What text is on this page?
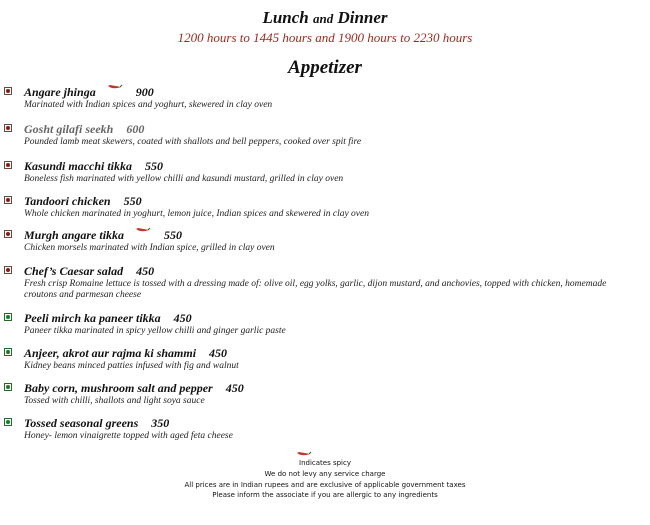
Lunch and Dinner
1200 hours to 1445 hours and 1900 hours to 2230 hours
Appetizer
Angare jhinga	900
Marinated with Indian spices and yoghurt, skewered in clay oven
Gosht gilafi seekh 600
Pounded lamb meat skewers, coated with shallots and bell peppers, cooked over spit fire
Kasundi macchi tikka 550
Boneless fish marinated with yellow chilli and kasundi mustard, grilled in clay oven
Tandoori chicken 550
Whole chicken marinated in yoghurt, lemon juice, Indian spices and skewered in clay oven
Murgh angare tikka	550
Chicken morsels marinated with Indian spice, grilled in clay oven
Chef’s Caesar salad 450
Fresh crisp Romaine lettuce is tossed with a dressing made of: olive oil, egg yolks, garlic, dijon mustard, and anchovies, topped with chicken, homemade
croutons and parmesan cheese
Peeli mirch ka paneer tikka 450
Paneer tikka marinated in spicy yellow chilli and ginger garlic paste
Anjeer, akrot aur rajma ki shammi 450
Kidney beans minced patties infused with fig and walnut
Baby corn, mushroom salt and pepper 450
Tossed with chilli, shallots and light soya sauce
Tossed seasonal greens 350
Honey- lemon vinaigrette topped with aged feta cheese
Indicates spicy
We do not levy any service charge
All prices are in Indian rupees and are exclusive of applicable government taxes
Please inform the associate if you are allergic to any ingredients
